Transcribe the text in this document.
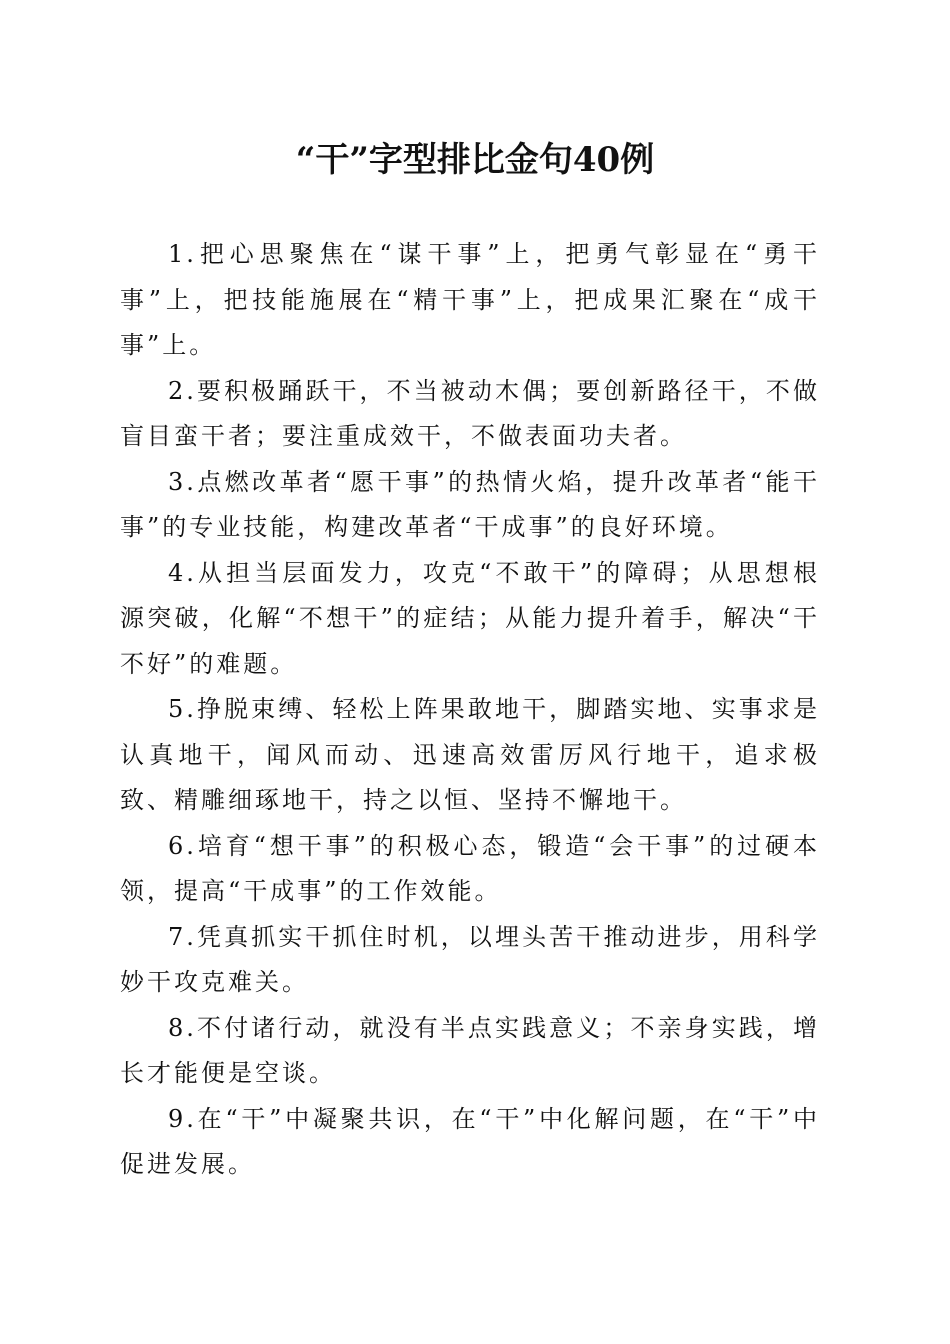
“干”字型排比金句40例

1.把心思聚焦在“谋干事”上，把勇气彰显在“勇干事”上，把技能施展在“精干事”上，把成果汇聚在“成干事”上。

2.要积极踊跃干，不当被动木偶；要创新路径干，不做盲目蛮干者；要注重成效干，不做表面功夫者。

3.点燃改革者“愿干事”的热情火焰，提升改革者“能干事”的专业技能，构建改革者“干成事”的良好环境。

4.从担当层面发力，攻克“不敢干”的障碍；从思想根源突破，化解“不想干”的症结；从能力提升着手，解决“干不好”的难题。

5.挣脱束缚、轻松上阵果敢地干，脚踏实地、实事求是认真地干，闻风而动、迅速高效雷厉风行地干，追求极致、精雕细琢地干，持之以恒、坚持不懈地干。

6.培育“想干事”的积极心态，锻造“会干事”的过硬本领，提高“干成事”的工作效能。

7.凭真抓实干抓住时机，以埋头苦干推动进步，用科学妙干攻克难关。

8.不付诸行动，就没有半点实践意义；不亲身实践，增长才能便是空谈。

9.在“干”中凝聚共识，在“干”中化解问题，在“干”中促进发展。
